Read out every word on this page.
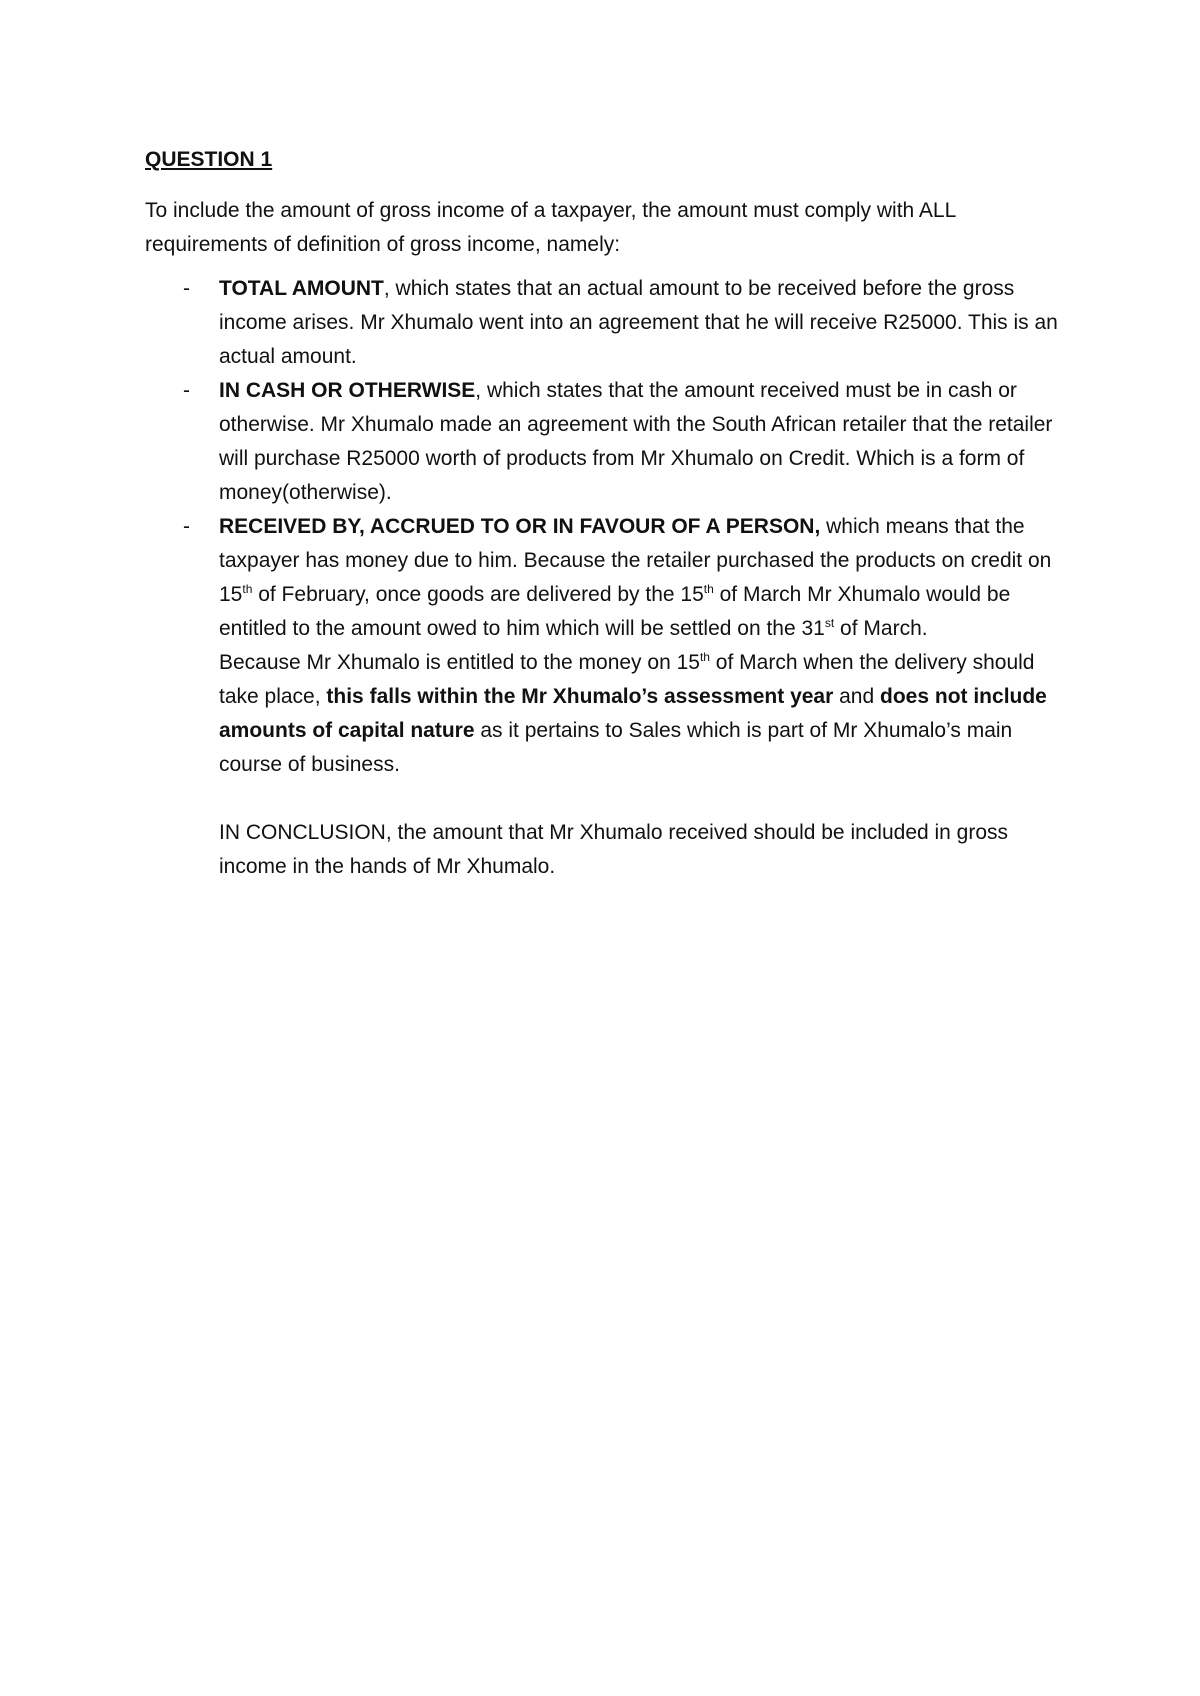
QUESTION 1

To include the amount of gross income of a taxpayer, the amount must comply with ALL requirements of definition of gross income, namely:

- TOTAL AMOUNT, which states that an actual amount to be received before the gross income arises. Mr Xhumalo went into an agreement that he will receive R25000. This is an actual amount.
- IN CASH OR OTHERWISE, which states that the amount received must be in cash or otherwise. Mr Xhumalo made an agreement with the South African retailer that the retailer will purchase R25000 worth of products from Mr Xhumalo on Credit. Which is a form of money(otherwise).
- RECEIVED BY, ACCRUED TO OR IN FAVOUR OF A PERSON, which means that the taxpayer has money due to him. Because the retailer purchased the products on credit on 15th of February, once goods are delivered by the 15th of March Mr Xhumalo would be entitled to the amount owed to him which will be settled on the 31st of March.

Because Mr Xhumalo is entitled to the money on 15th of March when the delivery should take place, this falls within the Mr Xhumalo’s assessment year and does not include amounts of capital nature as it pertains to Sales which is part of Mr Xhumalo’s main course of business.

IN CONCLUSION, the amount that Mr Xhumalo received should be included in gross income in the hands of Mr Xhumalo.
